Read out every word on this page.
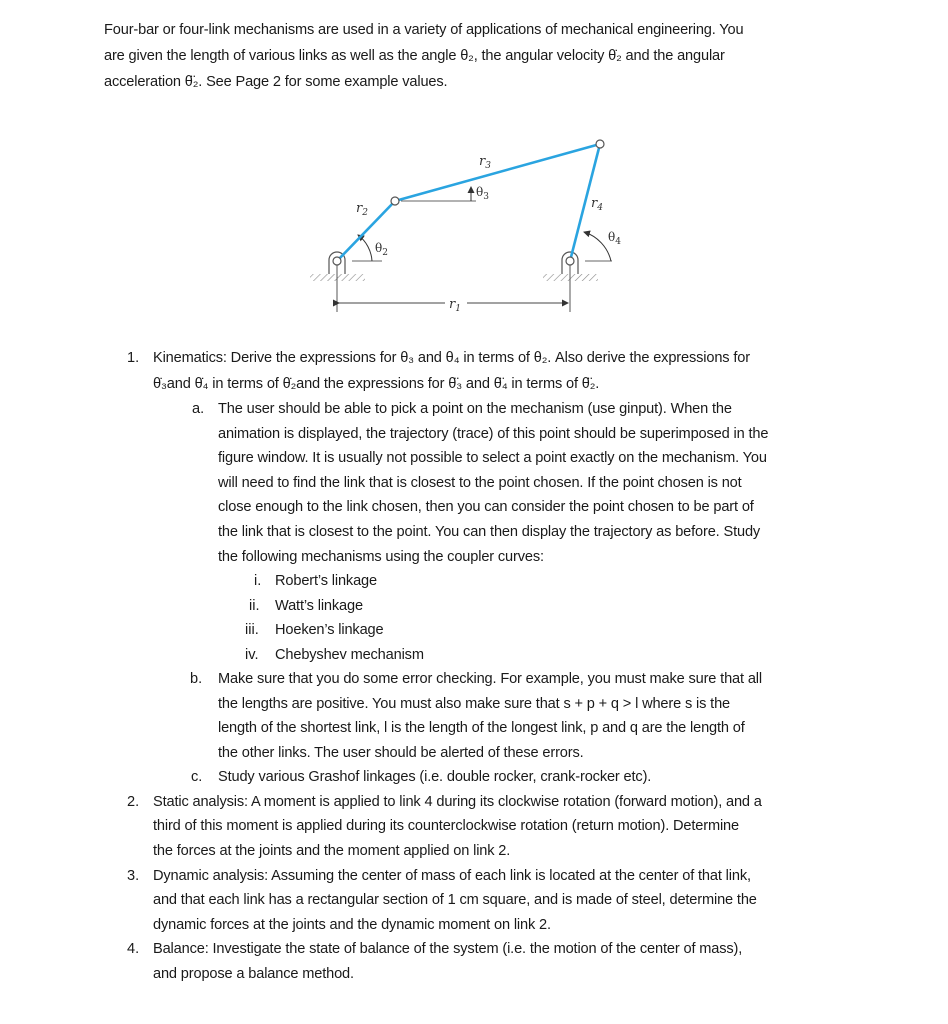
Four-bar or four-link mechanisms are used in a variety of applications of mechanical engineering. You
are given the length of various links as well as the angle θ₂, the angular velocity θ̇₂ and the angular
acceleration θ̈₂. See Page 2 for some example values.
$r_1$
$r_2$
$r_3$
$r_4$
$\theta_2$
$\theta_3$
$\theta_4$
1. Kinematics: Derive the expressions for θ₃ and θ₄ in terms of θ₂. Also derive the expressions for
θ̇₃and θ̇₄ in terms of θ̇₂and the expressions for θ̈₃ and θ̈₄ in terms of θ̈₂.
a. The user should be able to pick a point on the mechanism (use ginput). When the
animation is displayed, the trajectory (trace) of this point should be superimposed in the
figure window. It is usually not possible to select a point exactly on the mechanism. You
will need to find the link that is closest to the point chosen. If the point chosen is not
close enough to the link chosen, then you can consider the point chosen to be part of
the link that is closest to the point. You can then display the trajectory as before. Study
the following mechanisms using the coupler curves:
i. Robert’s linkage
ii. Watt’s linkage
iii. Hoeken’s linkage
iv. Chebyshev mechanism
b. Make sure that you do some error checking. For example, you must make sure that all
the lengths are positive. You must also make sure that s + p + q > l where s is the
length of the shortest link, l is the length of the longest link, p and q are the length of
the other links. The user should be alerted of these errors.
c. Study various Grashof linkages (i.e. double rocker, crank-rocker etc).
2. Static analysis: A moment is applied to link 4 during its clockwise rotation (forward motion), and a
third of this moment is applied during its counterclockwise rotation (return motion). Determine
the forces at the joints and the moment applied on link 2.
3. Dynamic analysis: Assuming the center of mass of each link is located at the center of that link,
and that each link has a rectangular section of 1 cm square, and is made of steel, determine the
dynamic forces at the joints and the dynamic moment on link 2.
4. Balance: Investigate the state of balance of the system (i.e. the motion of the center of mass),
and propose a balance method.
